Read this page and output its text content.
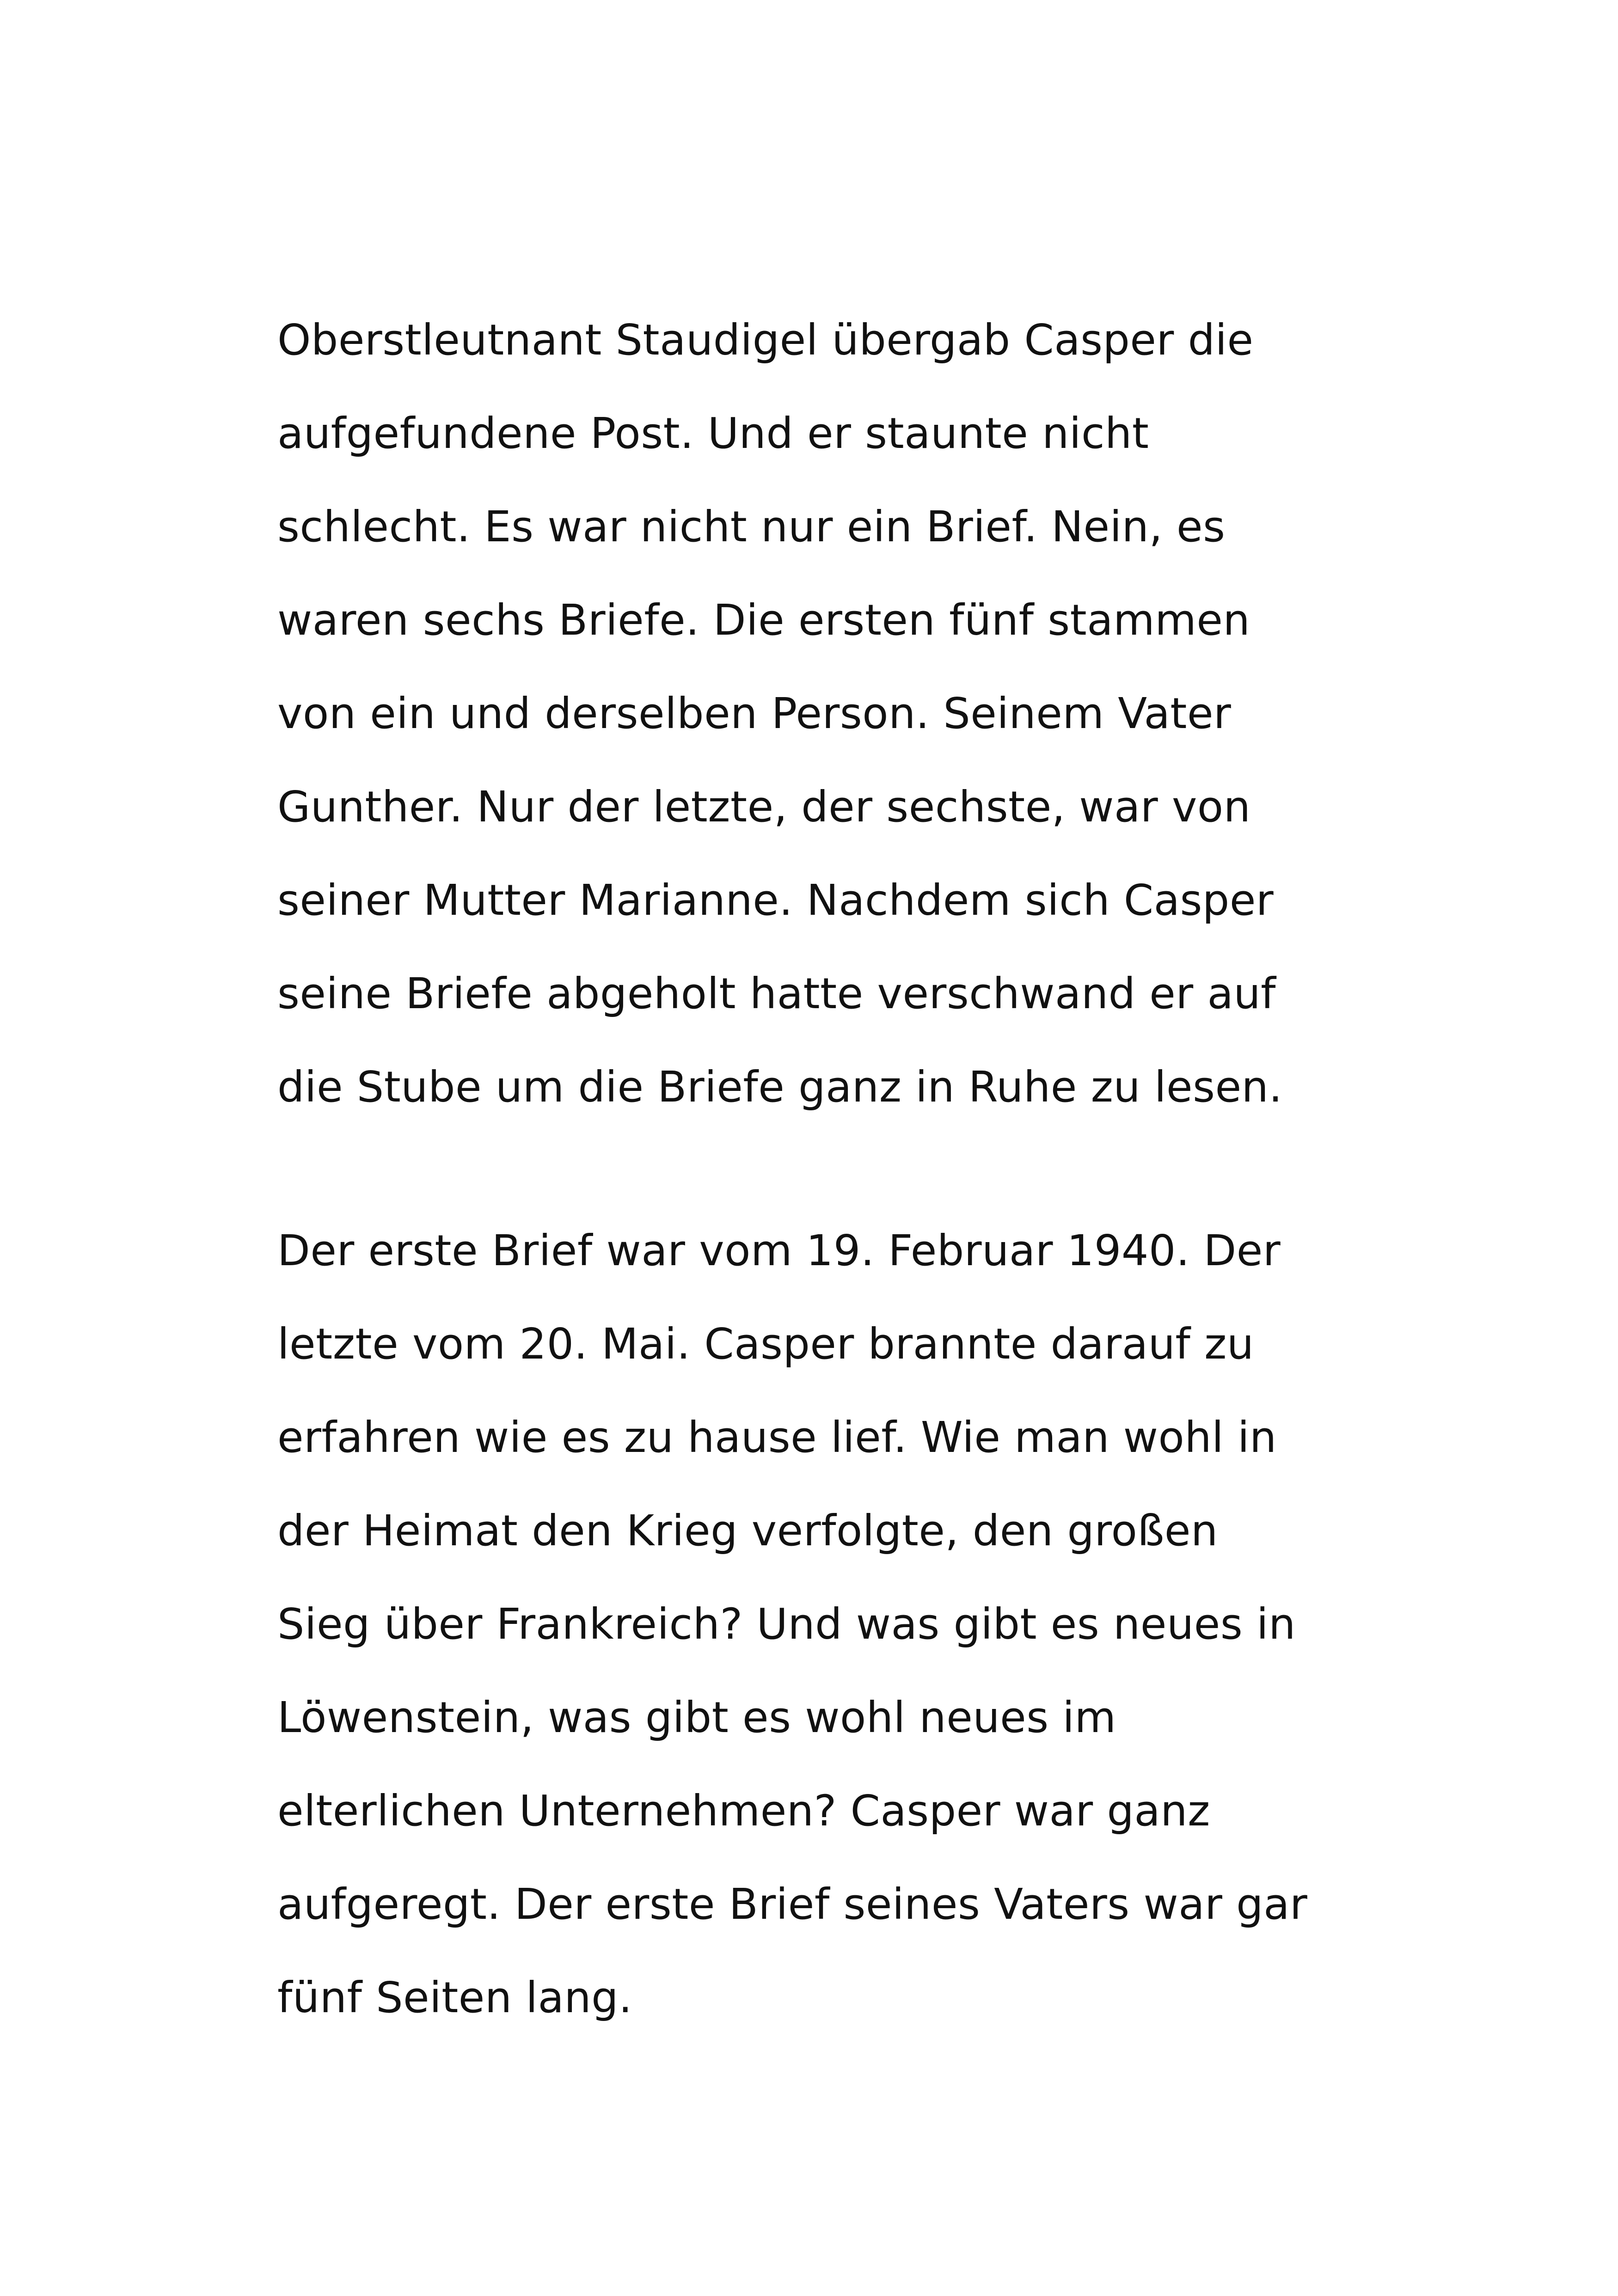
Oberstleutnant Staudigel übergab Casper die
aufgefundene Post. Und er staunte nicht
schlecht. Es war nicht nur ein Brief. Nein, es
waren sechs Briefe. Die ersten fünf stammen
von ein und derselben Person. Seinem Vater
Gunther. Nur der letzte, der sechste, war von
seiner Mutter Marianne. Nachdem sich Casper
seine Briefe abgeholt hatte verschwand er auf
die Stube um die Briefe ganz in Ruhe zu lesen.
Der erste Brief war vom 19. Februar 1940. Der
letzte vom 20. Mai. Casper brannte darauf zu
erfahren wie es zu hause lief. Wie man wohl in
der Heimat den Krieg verfolgte, den großen
Sieg über Frankreich? Und was gibt es neues in
Löwenstein, was gibt es wohl neues im
elterlichen Unternehmen? Casper war ganz
aufgeregt. Der erste Brief seines Vaters war gar
fünf Seiten lang.
